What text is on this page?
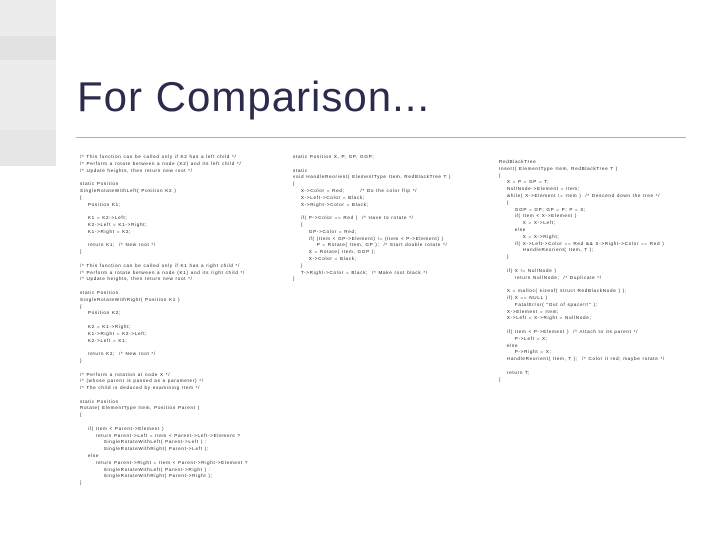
For Comparison...
/* This function can be called only if K2 has a left child */
/* Perform a rotate between a node (K2) and its left child */
/* Update heights, then return new root */
static Position
SingleRotateWithLeft( Position K2 )
{
Position K1;
K1 = K2->Left;
K2->Left = K1->Right;
K1->Right = K2;
return K1;  /* New root */
}
/* This function can be called only if K1 has a right child */
/* Perform a rotate between a node (K1) and its right child */
/* Update heights, then return new root */
static Position
SingleRotateWithRight( Position K1 )
{
Position K2;
K2 = K1->Right;
K1->Right = K2->Left;
K2->Left = K1;
return K2;  /* New root */
}
/* Perform a rotation at node X */
/* (whose parent is passed as a parameter) */
/* The child is deduced by examining Item */
static Position
Rotate( ElementType Item, Position Parent )
{
if( Item < Parent->Element )
return Parent->Left = Item < Parent->Left->Element ?
SingleRotateWithLeft( Parent->Left ) :
SingleRotateWithRight( Parent->Left );
else
return Parent->Right = Item < Parent->Right->Element ?
SingleRotateWithLeft( Parent->Right ) :
SingleRotateWithRight( Parent->Right );
}
static Position X, P, GP, GGP;
static
void HandleReorient( ElementType Item, RedBlackTree T )
{
X->Color = Red;        /* Do the color flip */
X->Left->Color = Black;
X->Right->Color = Black;
if( P->Color == Red )  /* Have to rotate */
{
GP->Color = Red;
if( (Item < GP->Element) != (Item < P->Element) )
P = Rotate( Item, GP );  /* Start double rotate */
X = Rotate( Item, GGP );
X->Color = Black;
}
T->Right->Color = Black;  /* Make root black */
}
RedBlackTree
Insert( ElementType Item, RedBlackTree T )
{
X = P = GP = T;
NullNode->Element = Item;
while( X->Element != Item )  /* Descend down the tree */
{
GGP = GP; GP = P; P = X;
if( Item < X->Element )
X = X->Left;
else
X = X->Right;
if( X->Left->Color == Red && X->Right->Color == Red )
HandleReorient( Item, T );
}
if( X != NullNode )
return NullNode;  /* Duplicate */
X = malloc( sizeof( struct RedBlackNode ) );
if( X == NULL )
FatalError( "Out of space!!!" );
X->Element = Item;
X->Left = X->Right = NullNode;
if( Item < P->Element )  /* Attach to its parent */
P->Left = X;
else
P->Right = X;
HandleReorient( Item, T );  /* Color it red; maybe rotate */
return T;
}
